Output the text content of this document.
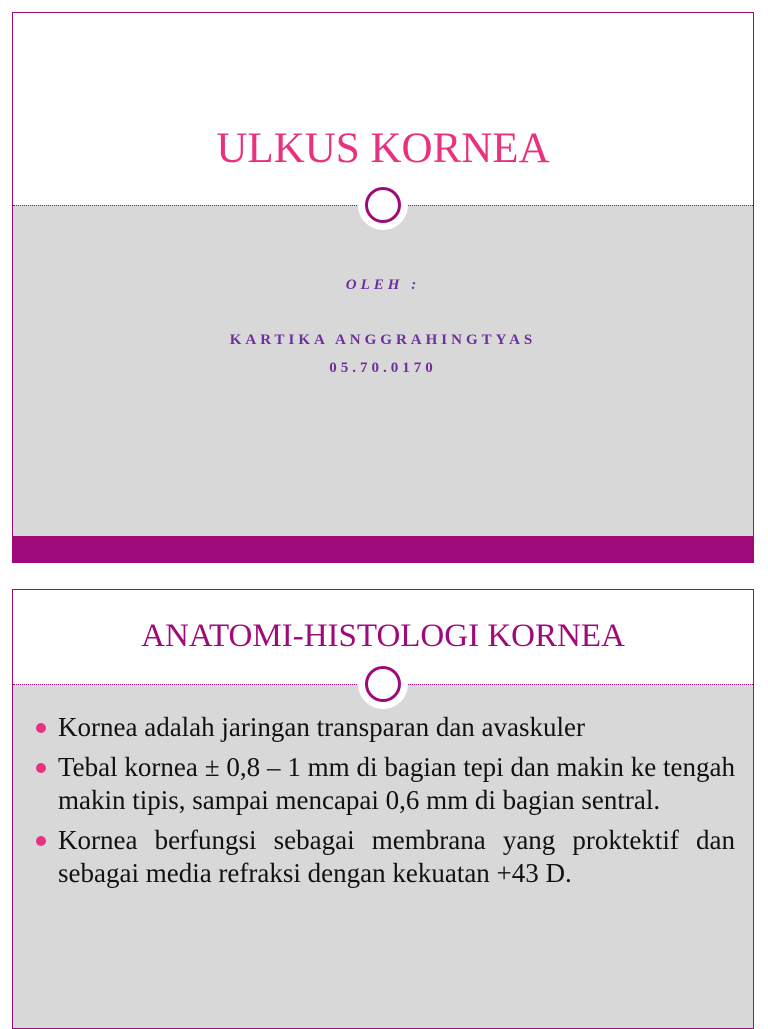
ULKUS KORNEA
OLEH :
KARTIKA ANGGRAHINGTYAS
05.70.0170
ANATOMI-HISTOLOGI KORNEA
Kornea adalah jaringan transparan dan avaskuler
Tebal kornea ± 0,8 – 1 mm di bagian tepi dan makin ke tengah makin tipis, sampai mencapai 0,6 mm di bagian sentral.
Kornea berfungsi sebagai membrana yang proktektif dan sebagai media refraksi dengan kekuatan +43 D.
